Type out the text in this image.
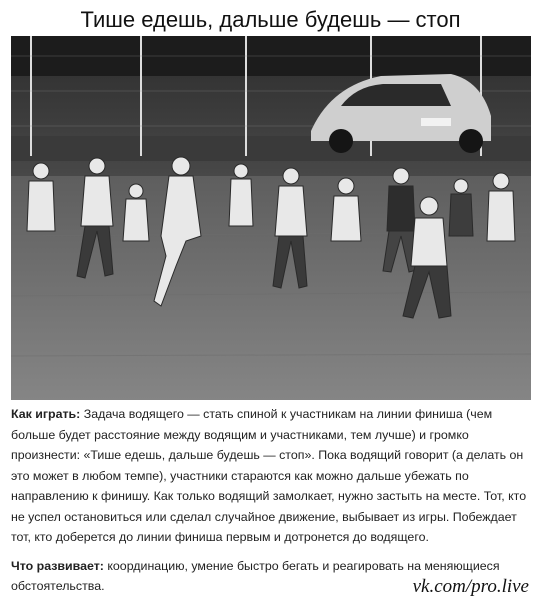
Тише едешь, дальше будешь — стоп

Как играть: Задача водящего — стать спиной к участникам на линии финиша (чем больше будет расстояние между водящим и участниками, тем лучше) и громко произнести: «Тише едешь, дальше будешь — стоп». Пока водящий говорит (а делать он это может в любом темпе), участники стараются как можно дальше убежать по направлению к финишу. Как только водящий замолкает, нужно застыть на месте. Тот, кто не успел остановиться или сделал случайное движение, выбывает из игры. Побеждает тот, кто доберется до линии финиша первым и дотронется до водящего.

Что развивает: координацию, умение быстро бегать и реагировать на меняющиеся обстоятельства.	vk.com/pro.live
